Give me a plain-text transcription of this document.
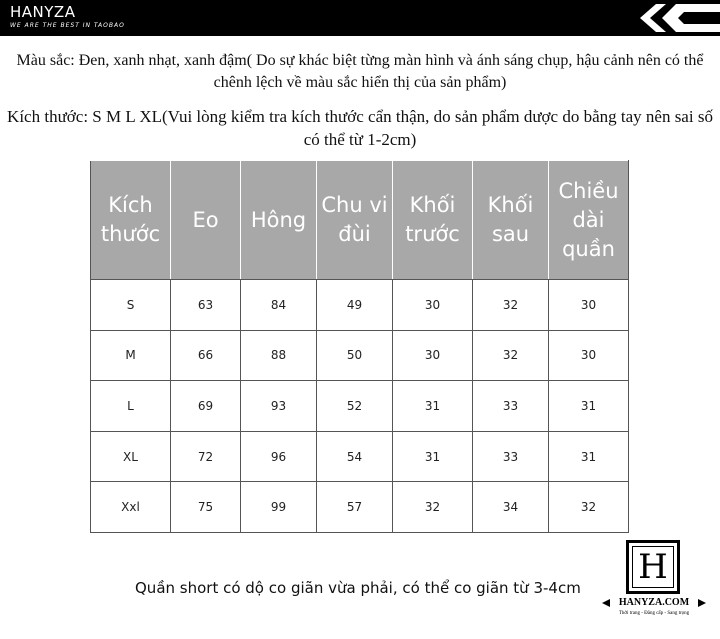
HANYZA
WE ARE THE BEST IN TAOBAO

Màu sắc: Đen, xanh nhạt, xanh đậm( Do sự khác biệt từng màn hình và ánh sáng chụp, hậu cảnh nên có thể chênh lệch về màu sắc hiển thị của sản phẩm)

Kích thước: S M L XL(Vui lòng kiểm tra kích thước cẩn thận, do sản phẩm dược do bằng tay nên sai số có thể từ 1-2cm)

Kích thước	Eo	Hông	Chu vi đùi	Khối trước	Khối sau	Chiều dài quần
S	63	84	49	30	32	30
M	66	88	50	30	32	30
L	69	93	52	31	33	31
XL	72	96	54	31	33	31
Xxl	75	99	57	32	34	32

Quần short có dộ co giãn vừa phải, có thể co giãn từ 3-4cm

H
HANYZA.COM
Thời trang - Đẳng cấp - Sang trọng
